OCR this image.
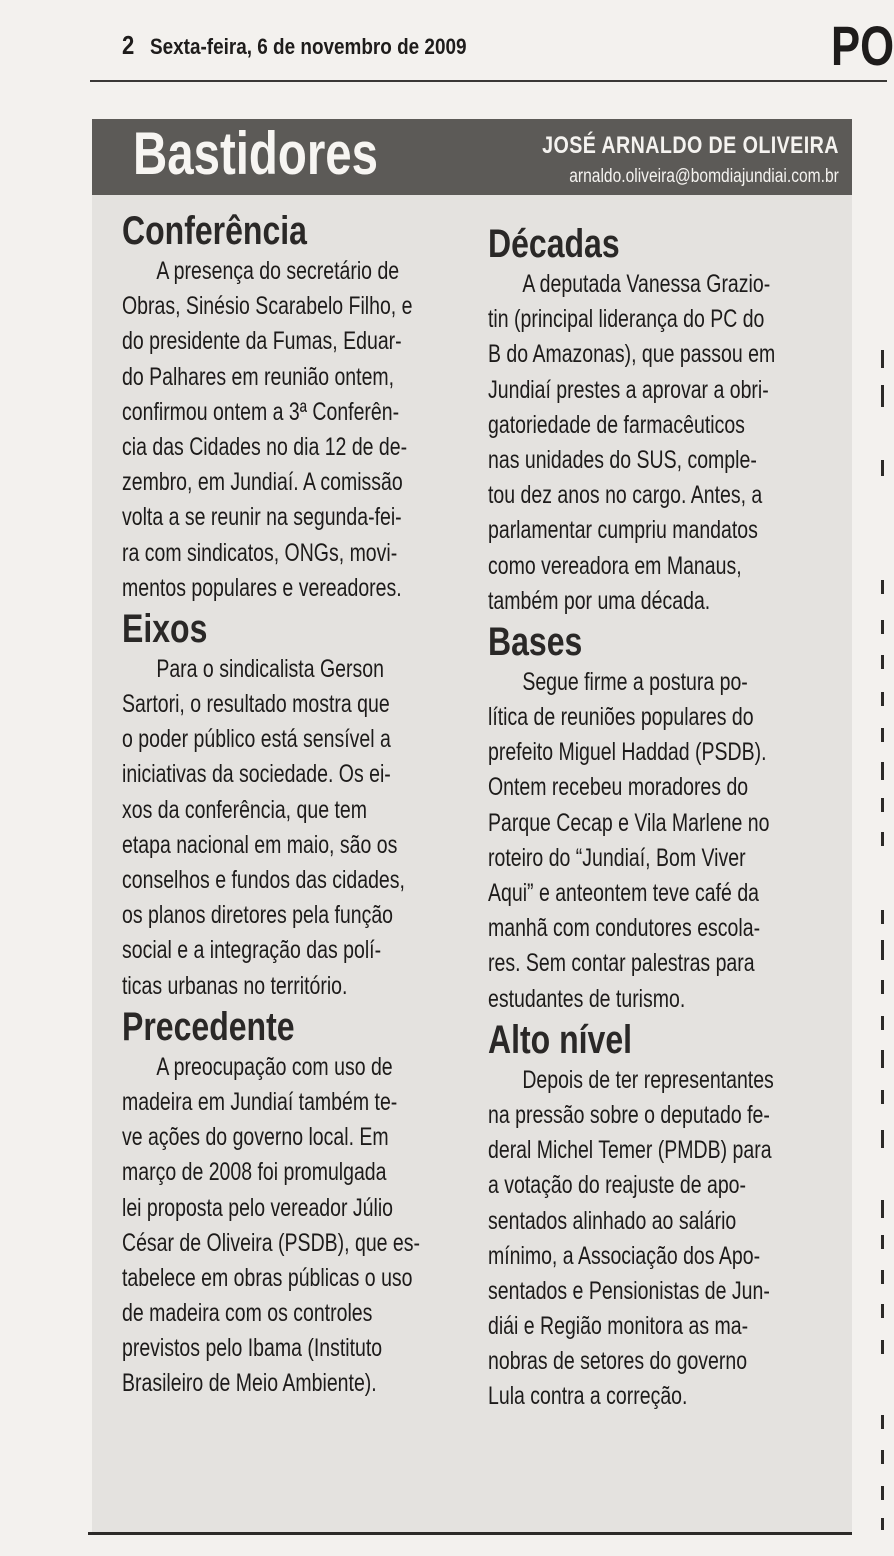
2 Sexta-feira, 6 de novembro de 2009	PO
Bastidores	JOSÉ ARNALDO DE OLIVEIRA
arnaldo.oliveira@bomdiajundiai.com.br
Conferência
A presença do secretário de
Obras, Sinésio Scarabelo Filho, e
do presidente da Fumas, Eduar-
do Palhares em reunião ontem,
confirmou ontem a 3ª Conferên-
cia das Cidades no dia 12 de de-
zembro, em Jundiaí. A comissão
volta a se reunir na segunda-fei-
ra com sindicatos, ONGs, movi-
mentos populares e vereadores.
Eixos
Para o sindicalista Gerson
Sartori, o resultado mostra que
o poder público está sensível a
iniciativas da sociedade. Os ei-
xos da conferência, que tem
etapa nacional em maio, são os
conselhos e fundos das cidades,
os planos diretores pela função
social e a integração das polí-
ticas urbanas no território.
Precedente
A preocupação com uso de
madeira em Jundiaí também te-
ve ações do governo local. Em
março de 2008 foi promulgada
lei proposta pelo vereador Júlio
César de Oliveira (PSDB), que es-
tabelece em obras públicas o uso
de madeira com os controles
previstos pelo Ibama (Instituto
Brasileiro de Meio Ambiente).
Décadas
A deputada Vanessa Grazio-
tin (principal liderança do PC do
B do Amazonas), que passou em
Jundiaí prestes a aprovar a obri-
gatoriedade de farmacêuticos
nas unidades do SUS, comple-
tou dez anos no cargo. Antes, a
parlamentar cumpriu mandatos
como vereadora em Manaus,
também por uma década.
Bases
Segue firme a postura po-
lítica de reuniões populares do
prefeito Miguel Haddad (PSDB).
Ontem recebeu moradores do
Parque Cecap e Vila Marlene no
roteiro do “Jundiaí, Bom Viver
Aqui” e anteontem teve café da
manhã com condutores escola-
res. Sem contar palestras para
estudantes de turismo.
Alto nível
Depois de ter representantes
na pressão sobre o deputado fe-
deral Michel Temer (PMDB) para
a votação do reajuste de apo-
sentados alinhado ao salário
mínimo, a Associação dos Apo-
sentados e Pensionistas de Jun-
diái e Região monitora as ma-
nobras de setores do governo
Lula contra a correção.
